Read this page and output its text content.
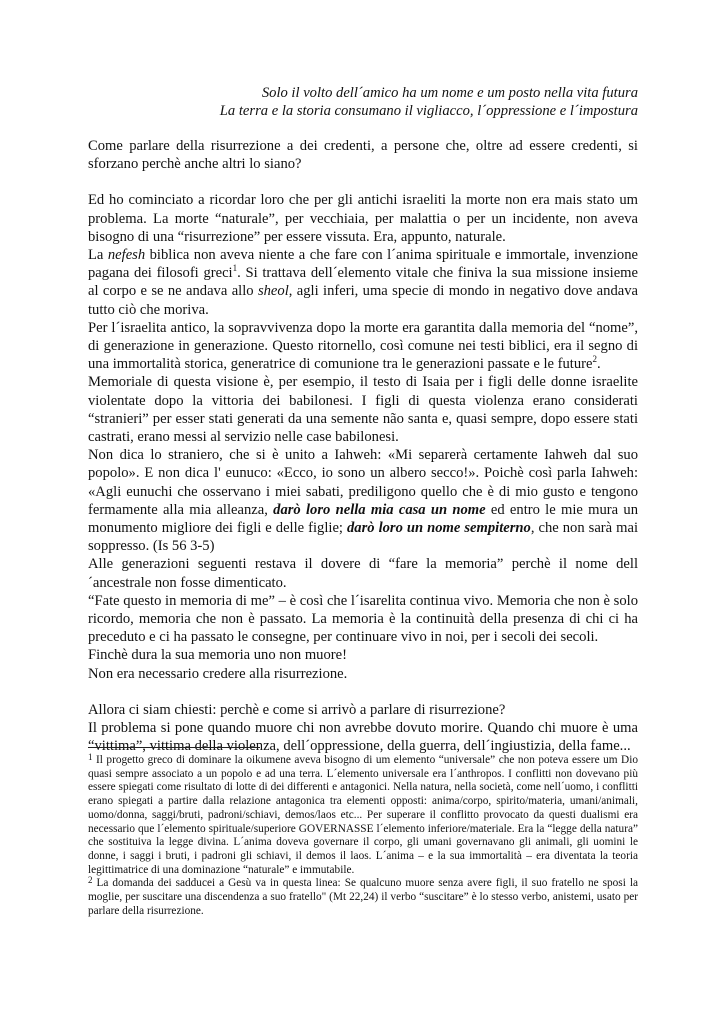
Solo il volto dell´amico ha um nome e um posto nella vita futura
La terra e la storia consumano il vigliacco, l´oppressione e l´impostura

Come parlare della risurrezione a dei credenti, a persone che, oltre ad essere credenti, si sforzano perchè anche altri lo siano?

Ed ho cominciato a ricordar loro che per gli antichi israeliti la morte non era mais stato um problema. La morte “naturale”, per vecchiaia, per malattia o per un incidente, non aveva bisogno di una “risurrezione” per essere vissuta. Era, appunto, naturale.

La nefesh biblica non aveva niente a che fare con l´anima spirituale e immortale, invenzione pagana dei filosofi greci$^1$. Si trattava dell´elemento vitale che finiva la sua missione insieme al corpo e se ne andava allo sheol, agli inferi, uma specie di mondo in negativo dove andava tutto ciò che moriva.

Per l´israelita antico, la sopravvivenza dopo la morte era garantita dalla memoria del “nome”, di generazione in generazione. Questo ritornello, così comune nei testi biblici, era il segno di una immortalità storica, generatrice di comunione tra le generazioni passate e le future$^2$.

Memoriale di questa visione è, per esempio, il testo di Isaia per i figli delle donne israelite violentate dopo la vittoria dei babilonesi. I figli di questa violenza erano considerati “stranieri” per esser stati generati da una semente não santa e, quasi sempre, dopo essere stati castrati, erano messi al servizio nelle case babilonesi.

Non dica lo straniero, che si è unito a Iahweh: «Mi separerà certamente Iahweh dal suo popolo». E non dica l' eunuco: «Ecco, io sono un albero secco!». Poichè così parla Iahweh: «Agli eunuchi che osservano i miei sabati, prediligono quello che è di mio gusto e tengono fermamente alla mia alleanza, darò loro nella mia casa un nome ed entro le mie mura un monumento migliore dei figli e delle figlie; darò loro un nome sempiterno, che non sarà mai soppresso. (Is 56 3-5)

Alle generazioni seguenti restava il dovere di “fare la memoria” perchè il nome dell´ancestrale non fosse dimenticato.

“Fate questo in memoria di me” – è così che l´isarelita continua vivo. Memoria che non è solo ricordo, memoria che non è passato. La memoria è la continuità della presenza di chi ci ha preceduto e ci ha passato le consegne, per continuare vivo in noi, per i secoli dei secoli.

Finchè dura la sua memoria uno non muore!

Non era necessario credere alla risurrezione.

Allora ci siam chiesti: perchè e come si arrivò a parlare di risurrezione?

Il problema si pone quando muore chi non avrebbe dovuto morire. Quando chi muore è uma “vittima”, vittima della violenza, dell´oppressione, della guerra, dell´ingiustizia, della fame...

$^1$ Il progetto greco di dominare la oikumene aveva bisogno di um elemento “universale” che non poteva essere um Dio quasi sempre associato a un popolo e ad una terra. L´elemento universale era l´anthropos. I conflitti non dovevano più essere spiegati come risultato di lotte di dei differenti e antagonici. Nella natura, nella società, come nell´uomo, i conflitti erano spiegati a partire dalla relazione antagonica tra elementi opposti: anima/corpo, spirito/materia, umani/animali, uomo/donna, saggi/bruti, padroni/schiavi, demos/laos etc... Per superare il conflitto provocato da questi dualismi era necessario que l´elemento spirituale/superiore GOVERNASSE l´elemento inferiore/materiale. Era la “legge della natura” che sostituiva la legge divina. L´anima doveva governare il corpo, gli umani governavano gli animali, gli uomini le donne, i saggi i bruti, i padroni gli schiavi, il demos il laos. L´anima – e la sua immortalità – era diventata la teoria legittimatrice di una dominazione “naturale” e immutabile.

$^2$ La domanda dei sadducei a Gesù va in questa linea: Se qualcuno muore senza avere figli, il suo fratello ne sposi la moglie, per suscitare una discendenza a suo fratello" (Mt 22,24) il verbo “suscitare” è lo stesso verbo, anistemi, usato per parlare della risurrezione.
